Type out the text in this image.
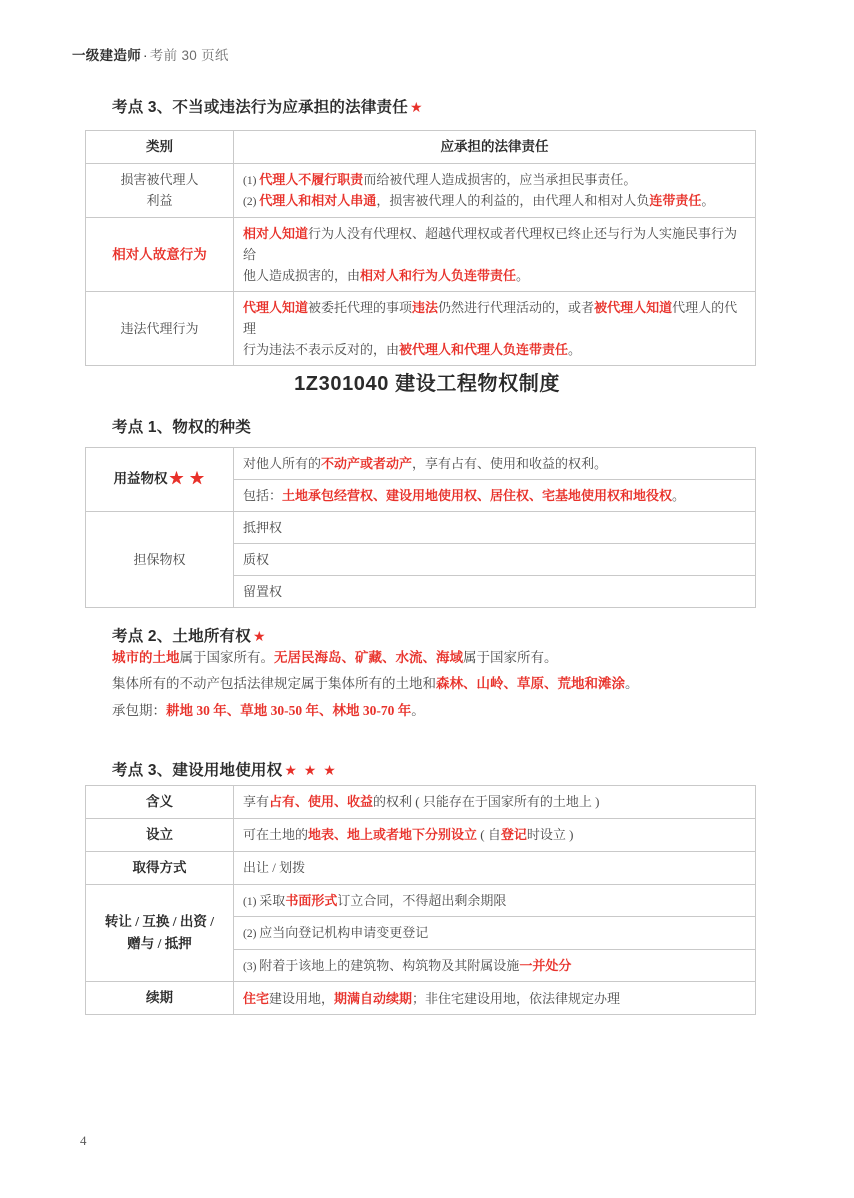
一级建造师 · 考前 30 页纸
考点 3、不当或违法行为应承担的法律责任 ★
类别	应承担的法律责任

损害被代理人
利益	(1) 代理人不履行职责而给被代理人造成损害的，应当承担民事责任。
(2) 代理人和相对人串通，损害被代理人的利益的，由代理人和相对人负连带责任。

相对人故意行为	相对人知道行为人没有代理权、超越代理权或者代理权已终止还与行为人实施民事行为给
他人造成损害的，由相对人和行为人负连带责任。

违法代理行为	代理人知道被委托代理的事项违法仍然进行代理活动的，或者被代理人知道代理人的代理
行为违法不表示反对的，由被代理人和代理人负连带责任。
1Z301040 建设工程物权制度
考点 1、物权的种类
用益物权 ★ ★	对他人所有的不动产或者动产，享有占有、使用和收益的权利。
	包括：土地承包经营权、建设用地使用权、居住权、宅基地使用权和地役权。
担保物权	抵押权
	质权
	留置权
考点 2、土地所有权 ★
城市的土地属于国家所有。无居民海岛、矿藏、水流、海域属于国家所有。
集体所有的不动产包括法律规定属于集体所有的土地和森林、山岭、草原、荒地和滩涂。
承包期：耕地 30 年、草地 30-50 年、林地 30-70 年。
考点 3、建设用地使用权 ★ ★ ★
含义	享有占有、使用、收益的权利 ( 只能存在于国家所有的土地上 )
设立	可在土地的地表、地上或者地下分别设立 ( 自登记时设立 )
取得方式	出让 / 划拨

转让 / 互换 / 出资 /
赠与 / 抵押	(1) 采取书面形式订立合同，不得超出剩余期限
	(2) 应当向登记机构申请变更登记
	(3) 附着于该地上的建筑物、构筑物及其附属设施一并处分
续期	住宅建设用地，期满自动续期；非住宅建设用地，依法律规定办理
4
